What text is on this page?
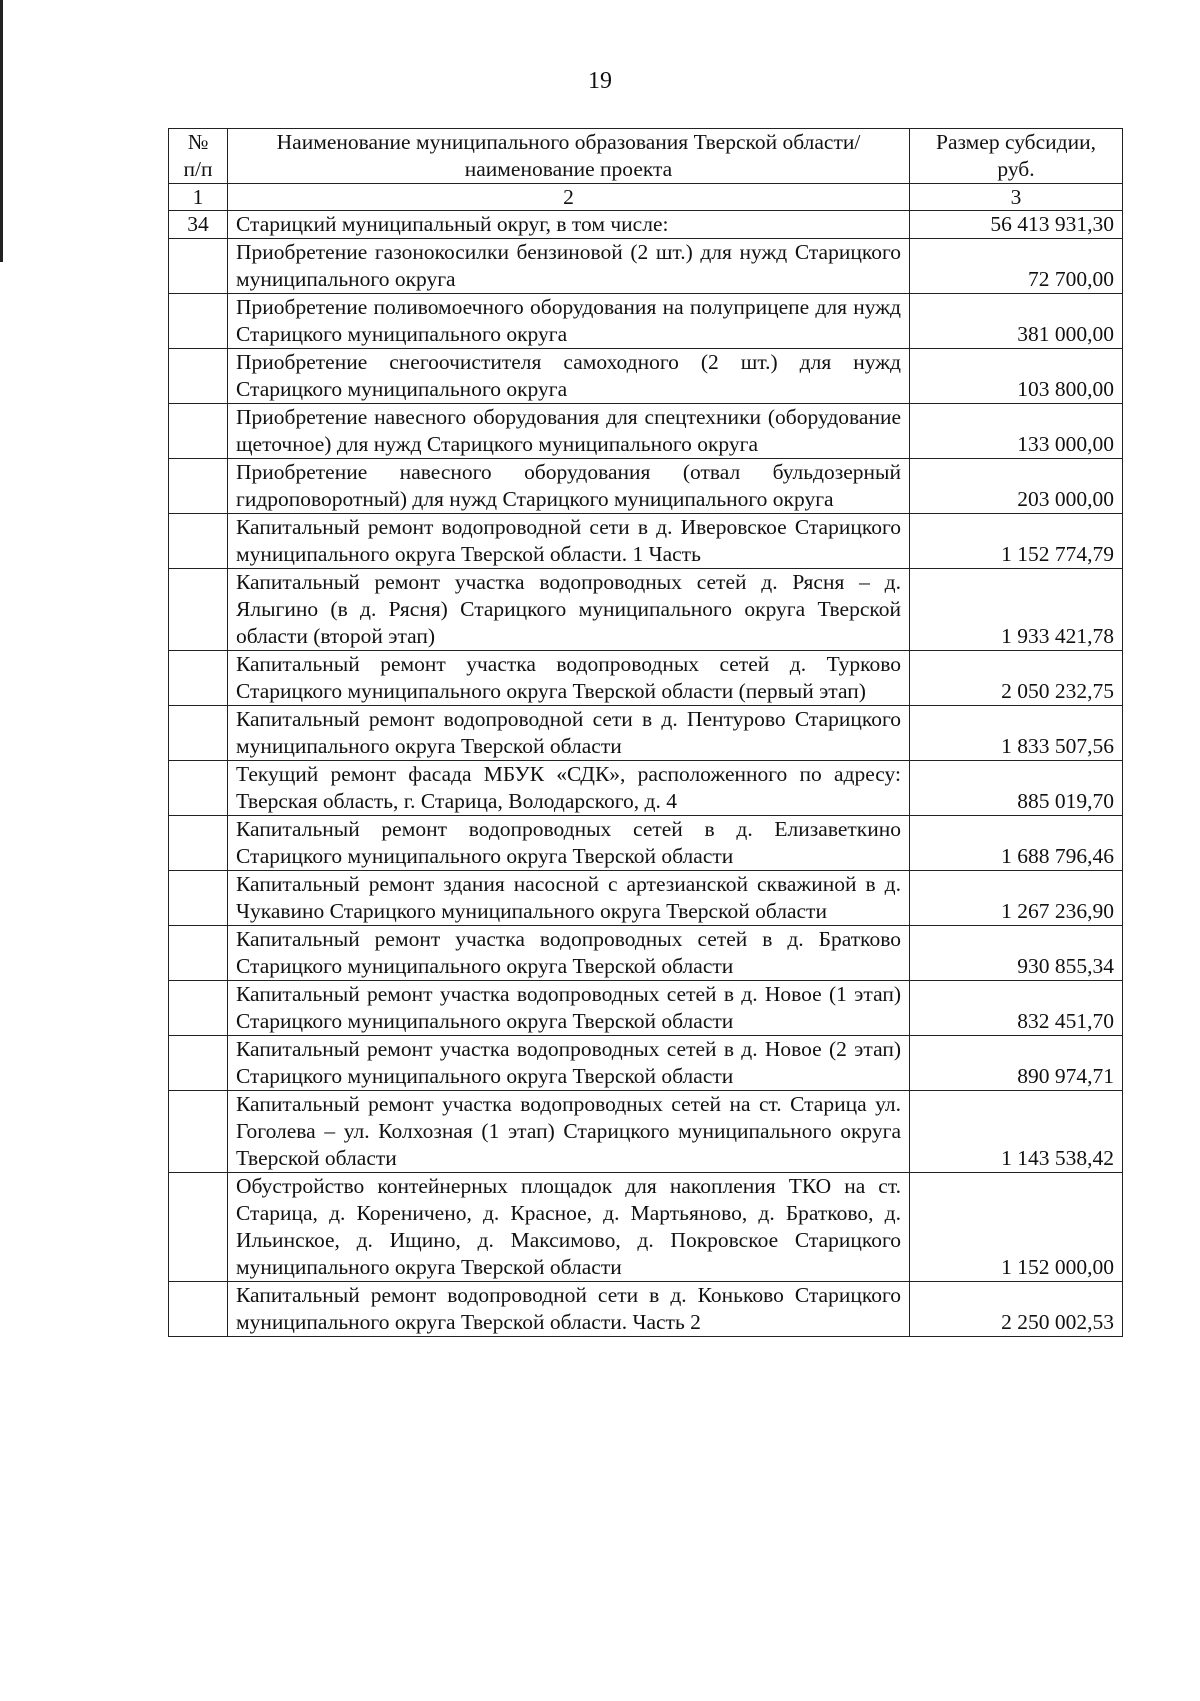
19
№ п/п	Наименование муниципального образования Тверской области/наименование проекта	Размер субсидии, руб.
1	2	3
34	Старицкий муниципальный округ, в том числе:	56 413 931,30
	Приобретение газонокосилки бензиновой (2 шт.) для нужд Старицкого муниципального округа	72 700,00
	Приобретение поливомоечного оборудования на полуприцепе для нужд Старицкого муниципального округа	381 000,00
	Приобретение снегоочистителя самоходного (2 шт.) для нужд Старицкого муниципального округа	103 800,00
	Приобретение навесного оборудования для спецтехники (оборудование щеточное) для нужд Старицкого муниципального округа	133 000,00
	Приобретение навесного оборудования (отвал бульдозерный гидроповоротный) для нужд Старицкого муниципального округа	203 000,00
	Капитальный ремонт водопроводной сети в д. Иверовское Старицкого муниципального округа Тверской области. 1 Часть	1 152 774,79
	Капитальный ремонт участка водопроводных сетей д. Рясня – д. Ялыгино (в д. Рясня) Старицкого муниципального округа Тверской области (второй этап)	1 933 421,78
	Капитальный ремонт участка водопроводных сетей д. Турково Старицкого муниципального округа Тверской области (первый этап)	2 050 232,75
	Капитальный ремонт водопроводной сети в д. Пентурово Старицкого муниципального округа Тверской области	1 833 507,56
	Текущий ремонт фасада МБУК «СДК», расположенного по адресу: Тверская область, г. Старица, Володарского, д. 4	885 019,70
	Капитальный ремонт водопроводных сетей в д. Елизаветкино Старицкого муниципального округа Тверской области	1 688 796,46
	Капитальный ремонт здания насосной с артезианской скважиной в д. Чукавино Старицкого муниципального округа Тверской области	1 267 236,90
	Капитальный ремонт участка водопроводных сетей в д. Братково Старицкого муниципального округа Тверской области	930 855,34
	Капитальный ремонт участка водопроводных сетей в д. Новое (1 этап) Старицкого муниципального округа Тверской области	832 451,70
	Капитальный ремонт участка водопроводных сетей в д. Новое (2 этап) Старицкого муниципального округа Тверской области	890 974,71
	Капитальный ремонт участка водопроводных сетей на ст. Старица ул. Гоголева – ул. Колхозная (1 этап) Старицкого муниципального округа Тверской области	1 143 538,42
	Обустройство контейнерных площадок для накопления ТКО на ст. Старица, д. Кореничено, д. Красное, д. Мартьяново, д. Братково, д. Ильинское, д. Ищино, д. Максимово, д. Покровское Старицкого муниципального округа Тверской области	1 152 000,00
	Капитальный ремонт водопроводной сети в д. Коньково Старицкого муниципального округа Тверской области. Часть 2	2 250 002,53
